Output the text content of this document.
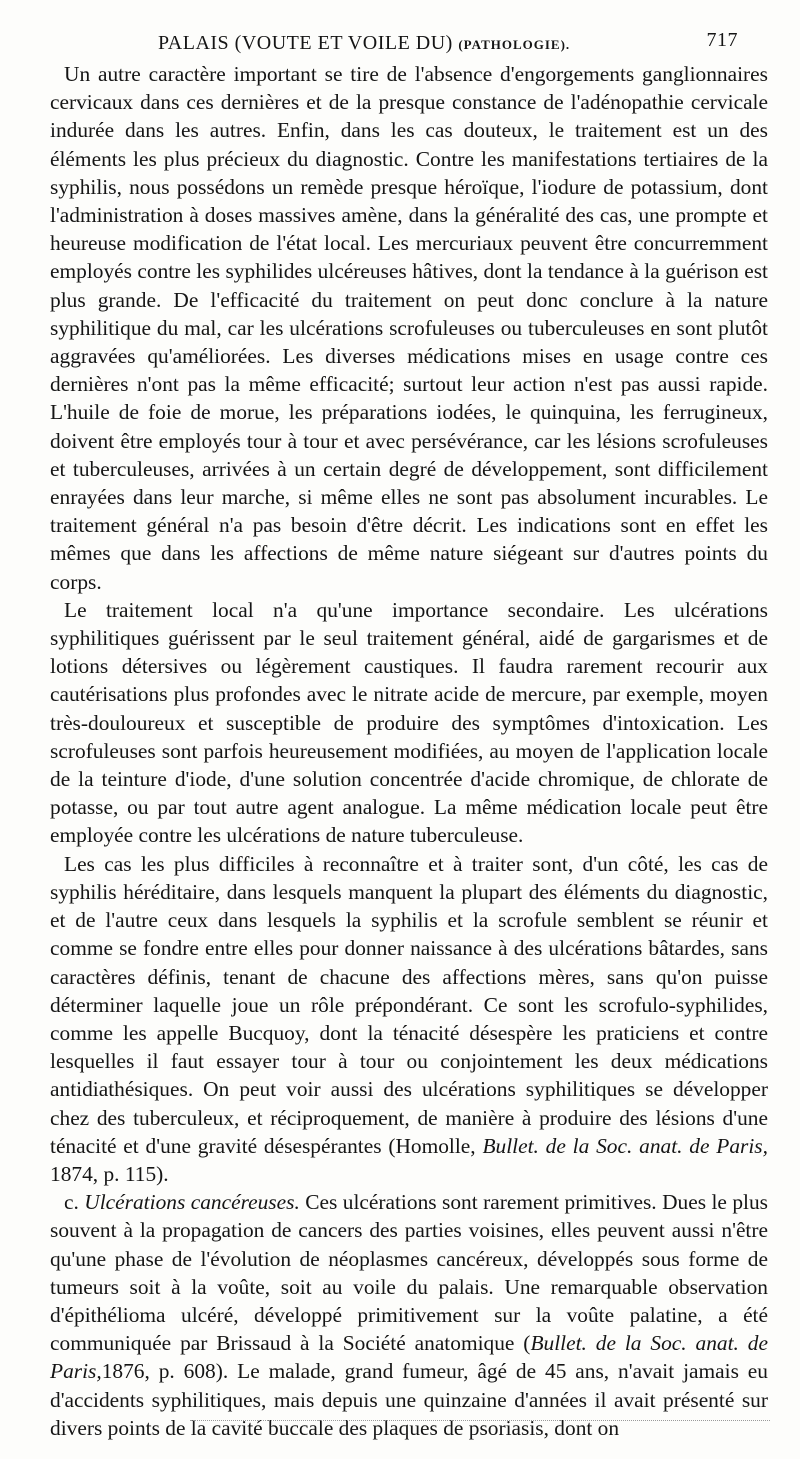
PALAIS (VOUTE ET VOILE DU) (PATHOLOGIE).	717

Un autre caractère important se tire de l'absence d'engorgements ganglionnaires cervicaux dans ces dernières et de la presque constance de l'adénopathie cervicale indurée dans les autres. Enfin, dans les cas douteux, le traitement est un des éléments les plus précieux du diagnostic. Contre les manifestations tertiaires de la syphilis, nous possédons un remède presque héroïque, l'iodure de potassium, dont l'administration à doses massives amène, dans la généralité des cas, une prompte et heureuse modification de l'état local. Les mercuriaux peuvent être concurremment employés contre les syphilides ulcéreuses hâtives, dont la tendance à la guérison est plus grande. De l'efficacité du traitement on peut donc conclure à la nature syphilitique du mal, car les ulcérations scrofuleuses ou tuberculeuses en sont plutôt aggravées qu'améliorées. Les diverses médications mises en usage contre ces dernières n'ont pas la même efficacité; surtout leur action n'est pas aussi rapide. L'huile de foie de morue, les préparations iodées, le quinquina, les ferrugineux, doivent être employés tour à tour et avec persévérance, car les lésions scrofuleuses et tuberculeuses, arrivées à un certain degré de développement, sont difficilement enrayées dans leur marche, si même elles ne sont pas absolument incurables. Le traitement général n'a pas besoin d'être décrit. Les indications sont en effet les mêmes que dans les affections de même nature siégeant sur d'autres points du corps.

Le traitement local n'a qu'une importance secondaire. Les ulcérations syphilitiques guérissent par le seul traitement général, aidé de gargarismes et de lotions détersives ou légèrement caustiques. Il faudra rarement recourir aux cautérisations plus profondes avec le nitrate acide de mercure, par exemple, moyen très-douloureux et susceptible de produire des symptômes d'intoxication. Les scrofuleuses sont parfois heureusement modifiées, au moyen de l'application locale de la teinture d'iode, d'une solution concentrée d'acide chromique, de chlorate de potasse, ou par tout autre agent analogue. La même médication locale peut être employée contre les ulcérations de nature tuberculeuse.

Les cas les plus difficiles à reconnaître et à traiter sont, d'un côté, les cas de syphilis héréditaire, dans lesquels manquent la plupart des éléments du diagnostic, et de l'autre ceux dans lesquels la syphilis et la scrofule semblent se réunir et comme se fondre entre elles pour donner naissance à des ulcérations bâtardes, sans caractères définis, tenant de chacune des affections mères, sans qu'on puisse déterminer laquelle joue un rôle prépondérant. Ce sont les scrofulo-syphilides, comme les appelle Bucquoy, dont la ténacité désespère les praticiens et contre lesquelles il faut essayer tour à tour ou conjointement les deux médications antidiathésiques. On peut voir aussi des ulcérations syphilitiques se développer chez des tuberculeux, et réciproquement, de manière à produire des lésions d'une ténacité et d'une gravité désespérantes (Homolle, Bullet. de la Soc. anat. de Paris, 1874, p. 115).

c. Ulcérations cancéreuses. Ces ulcérations sont rarement primitives. Dues le plus souvent à la propagation de cancers des parties voisines, elles peuvent aussi n'être qu'une phase de l'évolution de néoplasmes cancéreux, développés sous forme de tumeurs soit à la voûte, soit au voile du palais. Une remarquable observation d'épithélioma ulcéré, développé primitivement sur la voûte palatine, a été communiquée par Brissaud à la Société anatomique (Bullet. de la Soc. anat. de Paris,1876, p. 608). Le malade, grand fumeur, âgé de 45 ans, n'avait jamais eu d'accidents syphilitiques, mais depuis une quinzaine d'années il avait présenté sur divers points de la cavité buccale des plaques de psoriasis, dont on
